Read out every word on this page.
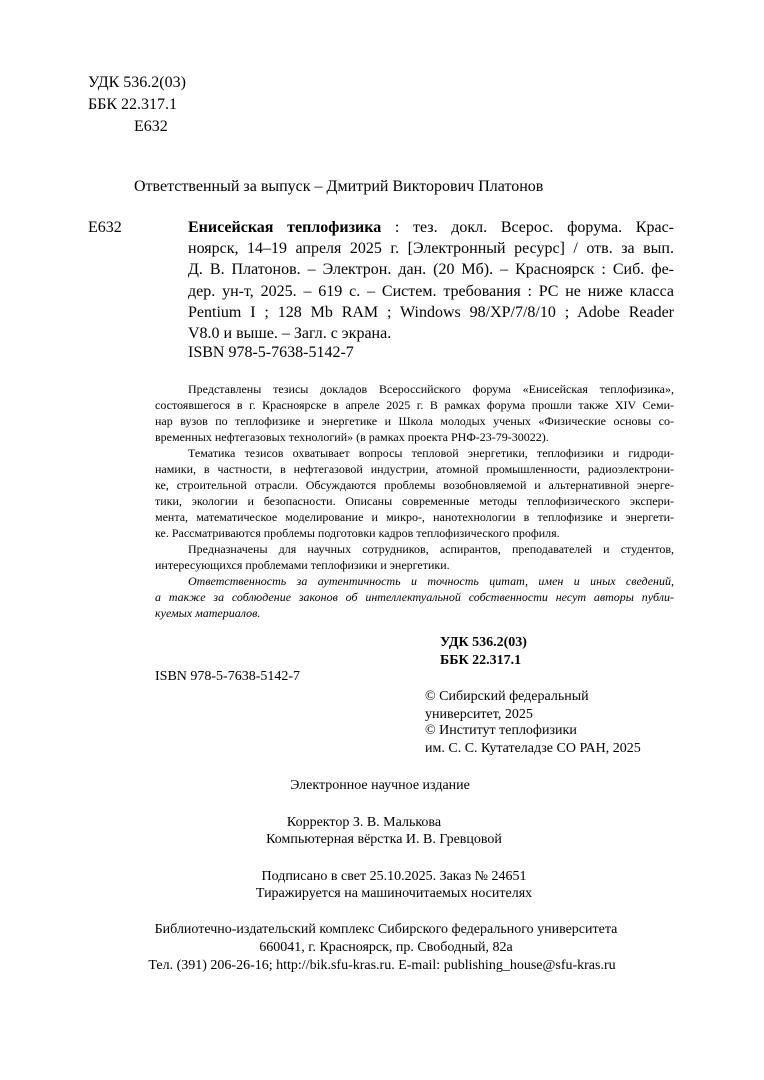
УДК 536.2(03)
ББК 22.317.1
Е632
Ответственный за выпуск – Дмитрий Викторович Платонов
Е632	Енисейская теплофизика : тез. докл. Всерос. форума. Крас-
ноярск, 14–19 апреля 2025 г. [Электронный ресурс] / отв. за вып.
Д. В. Платонов. – Электрон. дан. (20 Мб). – Красноярск : Сиб. фе-
дер. ун-т, 2025. – 619 с. – Систем. требования : PC не ниже класса
Pentium I ; 128 Mb RAM ; Windows 98/XP/7/8/10 ; Adobe Reader
V8.0 и выше. – Загл. с экрана.
ISBN 978-5-7638-5142-7
Представлены тезисы докладов Всероссийского форума «Енисейская теплофизика»,
состоявшегося в г. Красноярске в апреле 2025 г. В рамках форума прошли также XIV Семи-
нар вузов по теплофизике и энергетике и Школа молодых ученых «Физические основы со-
временных нефтегазовых технологий» (в рамках проекта РНФ-23-79-30022).
Тематика тезисов охватывает вопросы тепловой энергетики, теплофизики и гидроди-
намики, в частности, в нефтегазовой индустрии, атомной промышленности, радиоэлектрони-
ке, строительной отрасли. Обсуждаются проблемы возобновляемой и альтернативной энерге-
тики, экологии и безопасности. Описаны современные методы теплофизического экспери-
мента, математическое моделирование и микро-, нанотехнологии в теплофизике и энергети-
ке. Рассматриваются проблемы подготовки кадров теплофизического профиля.
Предназначены для научных сотрудников, аспирантов, преподавателей и студентов,
интересующихся проблемами теплофизики и энергетики.
Ответственность за аутентичность и точность цитат, имен и иных сведений,
а также за соблюдение законов об интеллектуальной собственности несут авторы публи-
куемых материалов.
УДК 536.2(03)
ББК 22.317.1
ISBN 978-5-7638-5142-7
© Сибирский федеральный
университет, 2025
© Институт теплофизики
им. С. С. Кутателадзе СО РАН, 2025
Электронное научное издание
Корректор З. В. Малькова
Компьютерная вёрстка И. В. Гревцовой
Подписано в свет 25.10.2025. Заказ № 24651
Тиражируется на машиночитаемых носителях
Библиотечно-издательский комплекс Сибирского федерального университета
660041, г. Красноярск, пр. Свободный, 82а
Тел. (391) 206-26-16; http://bik.sfu-kras.ru. E-mail: publishing_house@sfu-kras.ru
